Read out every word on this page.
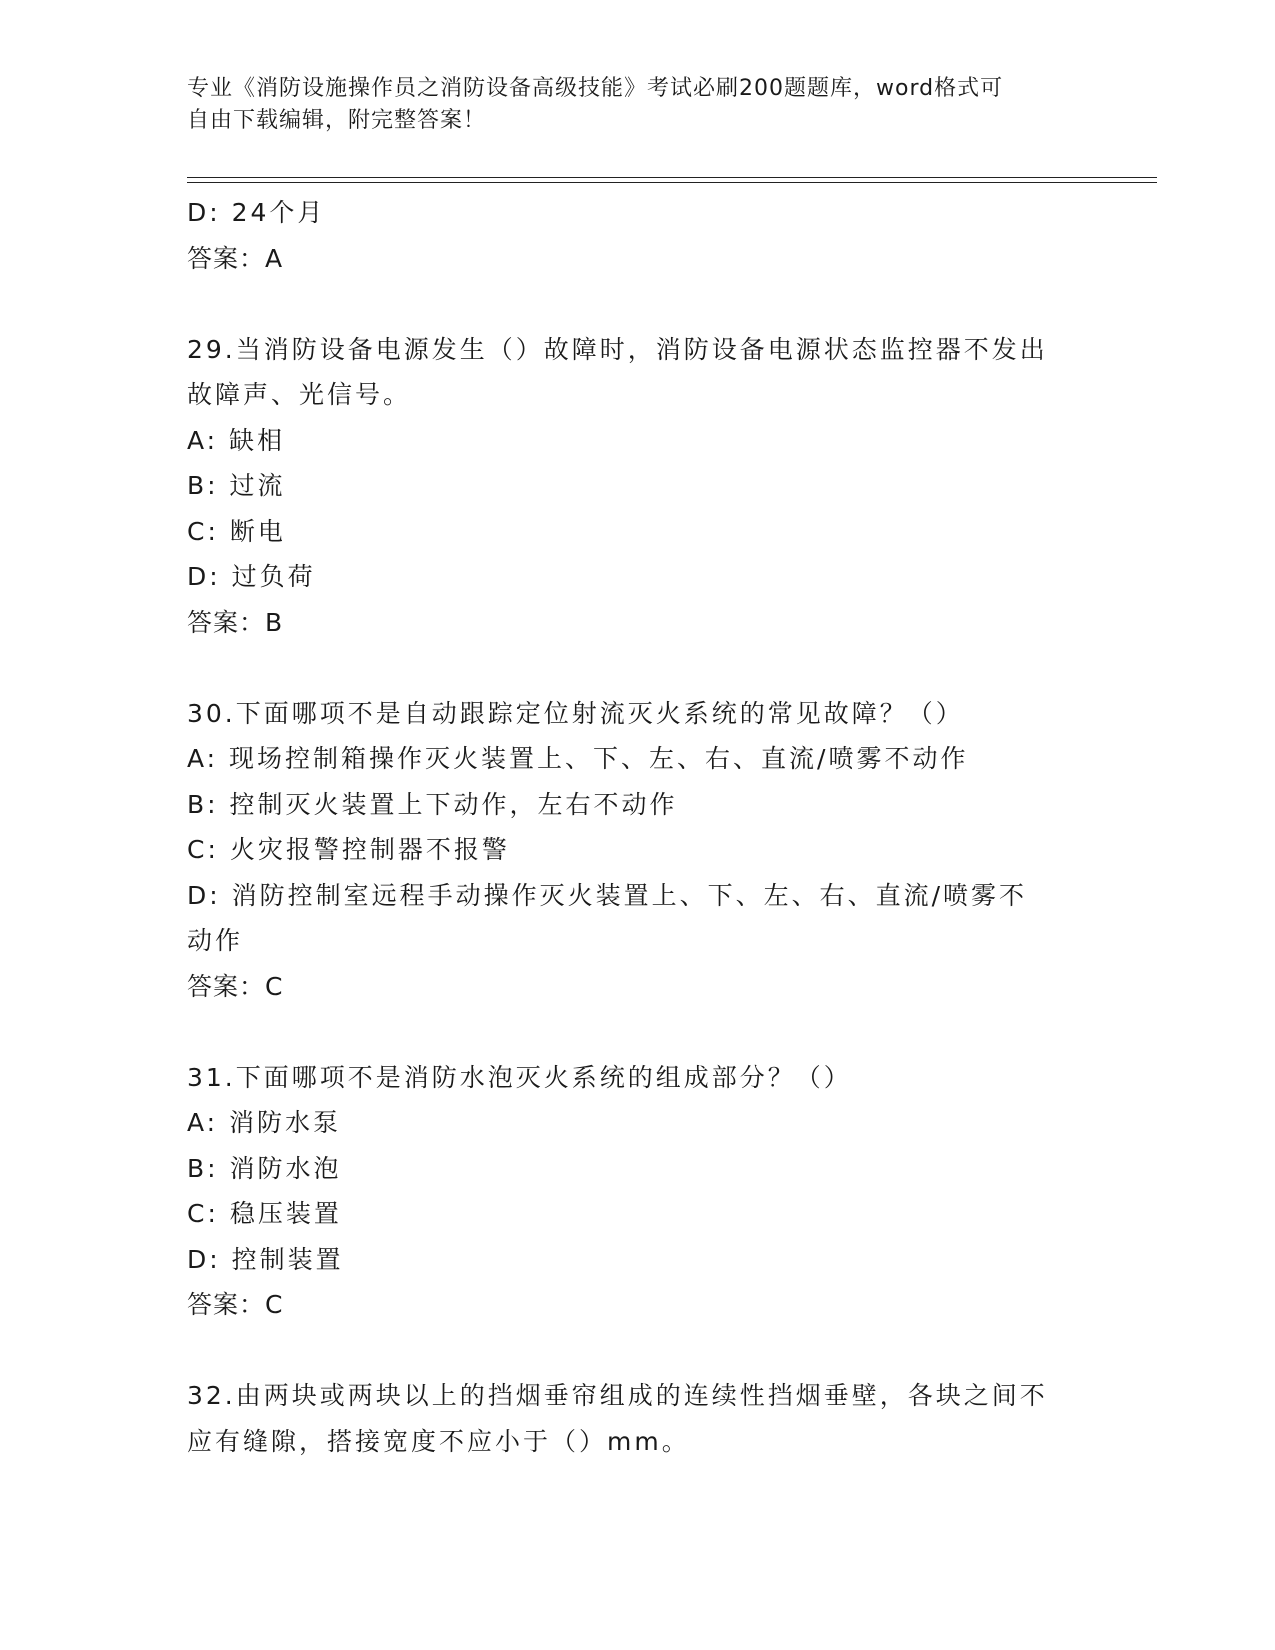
专业《消防设施操作员之消防设备高级技能》考试必刷200题题库，word格式可
自由下载编辑，附完整答案！

D: 24个月

答案：A

29.当消防设备电源发生（）故障时，消防设备电源状态监控器不发出

故障声、光信号。

A: 缺相

B: 过流

C: 断电

D: 过负荷

答案：B

30.下面哪项不是自动跟踪定位射流灭火系统的常见故障？（）

A: 现场控制箱操作灭火装置上、下、左、右、直流/喷雾不动作

B: 控制灭火装置上下动作，左右不动作

C: 火灾报警控制器不报警

D: 消防控制室远程手动操作灭火装置上、下、左、右、直流/喷雾不

动作

答案：C

31.下面哪项不是消防水泡灭火系统的组成部分？（）

A: 消防水泵

B: 消防水泡

C: 稳压装置

D: 控制装置

答案：C

32.由两块或两块以上的挡烟垂帘组成的连续性挡烟垂壁，各块之间不

应有缝隙，搭接宽度不应小于（）mm。
